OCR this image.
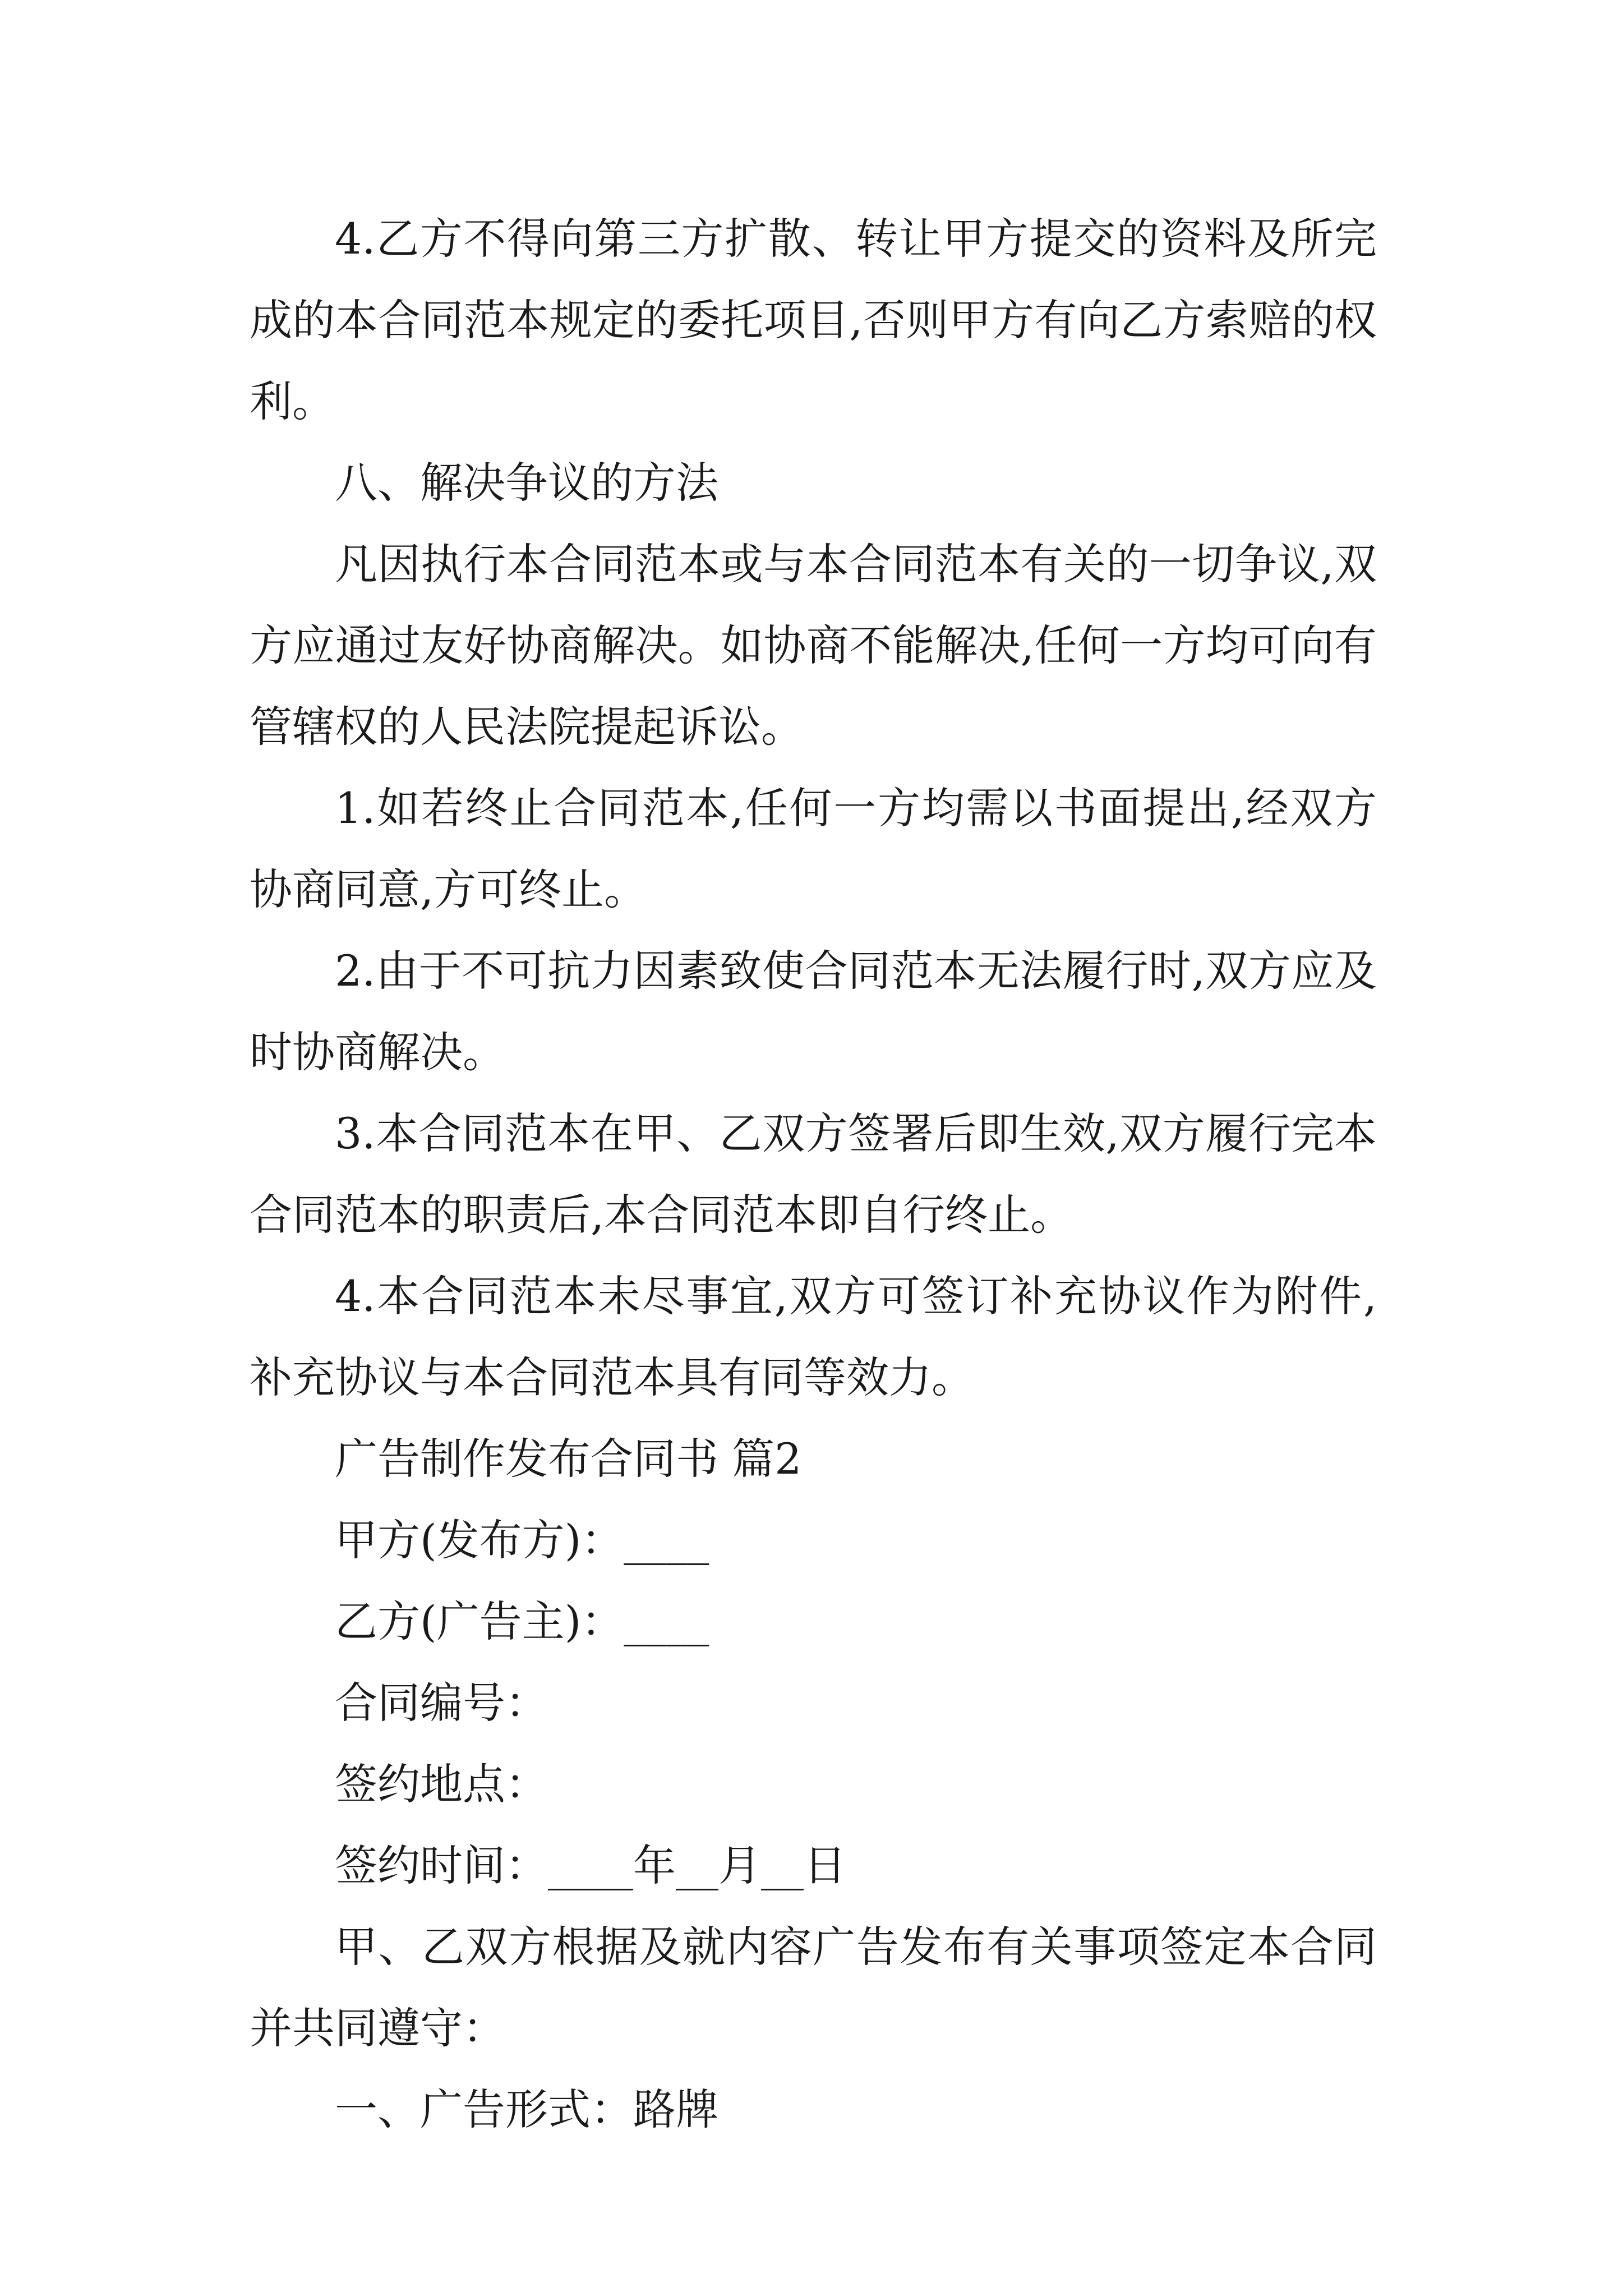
4.乙方不得向第三方扩散、转让甲方提交的资料及所完成的本合同范本规定的委托项目,否则甲方有向乙方索赔的权利。

八、解决争议的方法

凡因执行本合同范本或与本合同范本有关的一切争议,双方应通过友好协商解决。如协商不能解决,任何一方均可向有管辖权的人民法院提起诉讼。

1.如若终止合同范本,任何一方均需以书面提出,经双方协商同意,方可终止。

2.由于不可抗力因素致使合同范本无法履行时,双方应及时协商解决。

3.本合同范本在甲、乙双方签署后即生效,双方履行完本合同范本的职责后,本合同范本即自行终止。

4.本合同范本未尽事宜,双方可签订补充协议作为附件,补充协议与本合同范本具有同等效力。

广告制作发布合同书 篇2

甲方(发布方)：____

乙方(广告主)：____

合同编号：

签约地点：

签约时间：____年__月__日

甲、乙双方根据及就内容广告发布有关事项签定本合同并共同遵守：

一、广告形式：路牌
